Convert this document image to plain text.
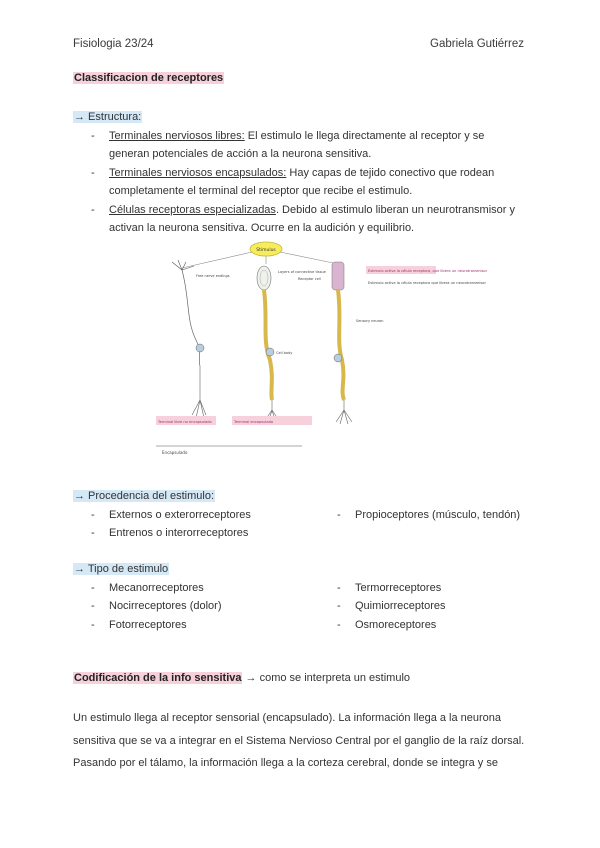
Fisiologia 23/24	Gabriela Gutiérrez
Classificacion de receptores
→ Estructura:
- Terminales nerviosos libres: El estimulo le llega directamente al receptor y se
generan potenciales de acción a la neurona sensitiva.
- Terminales nerviosos encapsulados: Hay capas de tejido conectivo que rodean
completamente el terminal del receptor que recibe el estimulo.
- Células receptoras especializadas. Debido al estimulo liberan un neurotransmisor y
activan la neurona sensitiva. Ocurre en la audición y equilibrio.
Stimulus
Free nerve endings
Layers of connective tissue
Cell body
Receptor cell
Sensory neuron
Estimulo activa la célula receptora, que libera un neurotransmisor
Estimulo activa la célula receptora que libera un neurotransmisor
Terminal libre no encapsulado	Terminal encapsulado
Encapsulado
→ Procedencia del estimulo:
- Externos o exterorreceptores	- Propioceptores (músculo, tendón)
- Entrenos o interorreceptores
→ Tipo de estimulo
- Mecanorreceptores	- Termorreceptores
- Nocirreceptores (dolor)	- Quimiorreceptores
- Fotorreceptores	- Osmoreceptores
Codificación de la info sensitiva → como se interpreta un estimulo
Un estimulo llega al receptor sensorial (encapsulado). La información llega a la neurona
sensitiva que se va a integrar en el Sistema Nervioso Central por el ganglio de la raíz dorsal.
Pasando por el tálamo, la información llega a la corteza cerebral, donde se integra y se
